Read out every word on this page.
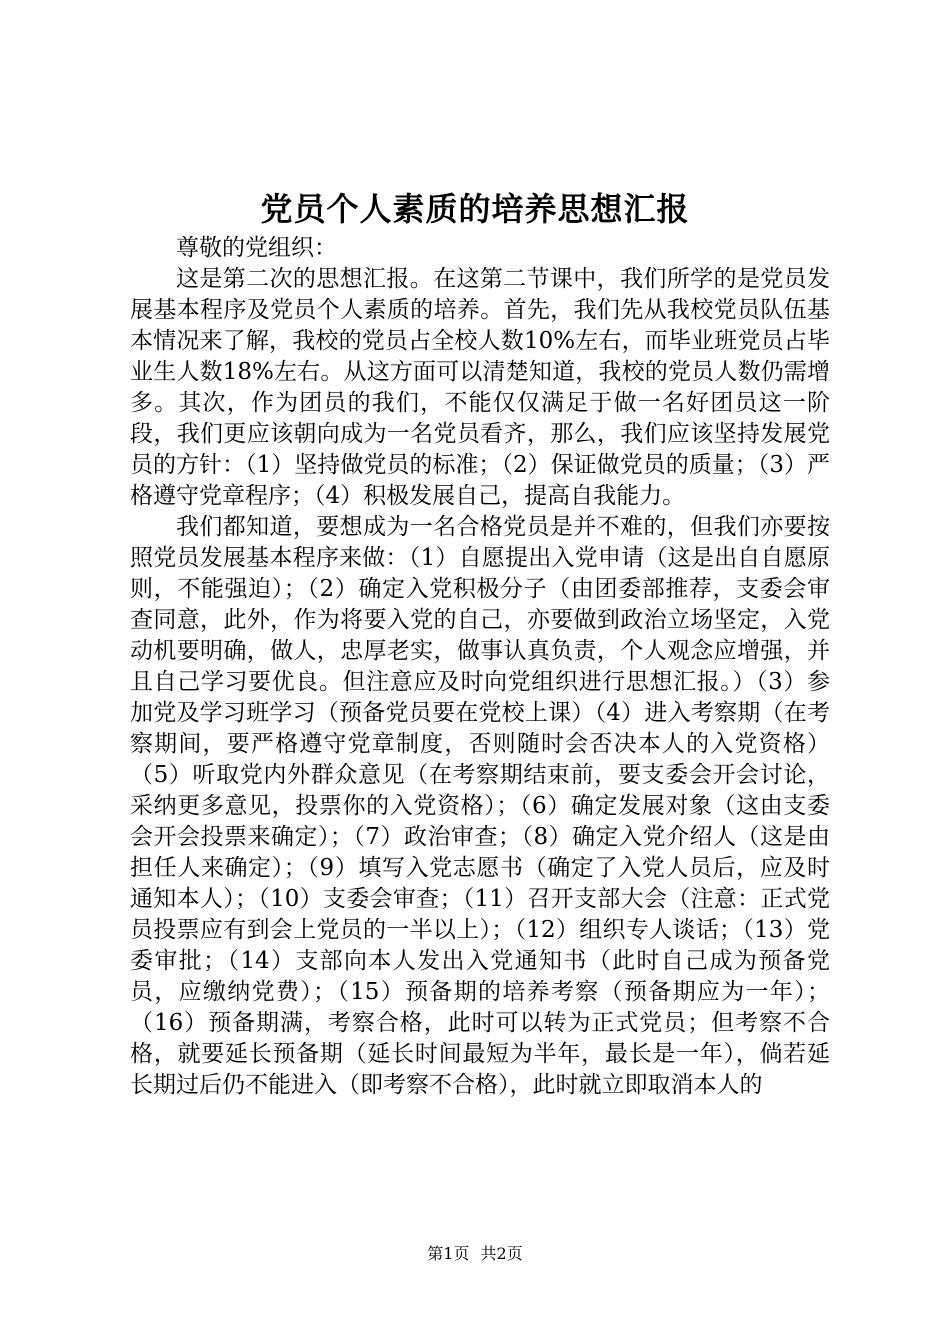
党员个人素质的培养思想汇报

尊敬的党组织：

这是第二次的思想汇报。在这第二节课中，我们所学的是党员发展基本程序及党员个人素质的培养。首先，我们先从我校党员队伍基本情况来了解，我校的党员占全校人数10%左右，而毕业班党员占毕业生人数18%左右。从这方面可以清楚知道，我校的党员人数仍需增多。其次，作为团员的我们，不能仅仅满足于做一名好团员这一阶段，我们更应该朝向成为一名党员看齐，那么，我们应该坚持发展党员的方针：（1）坚持做党员的标准；（2）保证做党员的质量；（3）严格遵守党章程序；（4）积极发展自己，提高自我能力。

我们都知道，要想成为一名合格党员是并不难的，但我们亦要按照党员发展基本程序来做：（1）自愿提出入党申请（这是出自自愿原则，不能强迫）；（2）确定入党积极分子（由团委部推荐，支委会审查同意，此外，作为将要入党的自己，亦要做到政治立场坚定，入党动机要明确，做人，忠厚老实，做事认真负责，个人观念应增强，并且自己学习要优良。但注意应及时向党组织进行思想汇报。）（3）参加党及学习班学习（预备党员要在党校上课）（4）进入考察期（在考察期间，要严格遵守党章制度，否则随时会否决本人的入党资格）（5）听取党内外群众意见（在考察期结束前，要支委会开会讨论，采纳更多意见，投票你的入党资格）；（6）确定发展对象（这由支委会开会投票来确定）；（7）政治审查；（8）确定入党介绍人（这是由担任人来确定）；（9）填写入党志愿书（确定了入党人员后，应及时通知本人）；（10）支委会审查；（11）召开支部大会（注意：正式党员投票应有到会上党员的一半以上）；（12）组织专人谈话；（13）党委审批；（14）支部向本人发出入党通知书（此时自己成为预备党员，应缴纳党费）；（15）预备期的培养考察（预备期应为一年）；（16）预备期满，考察合格，此时可以转为正式党员；但考察不合格，就要延长预备期（延长时间最短为半年，最长是一年），倘若延长期过后仍不能进入（即考察不合格），此时就立即取消本人的

第1页 共2页
